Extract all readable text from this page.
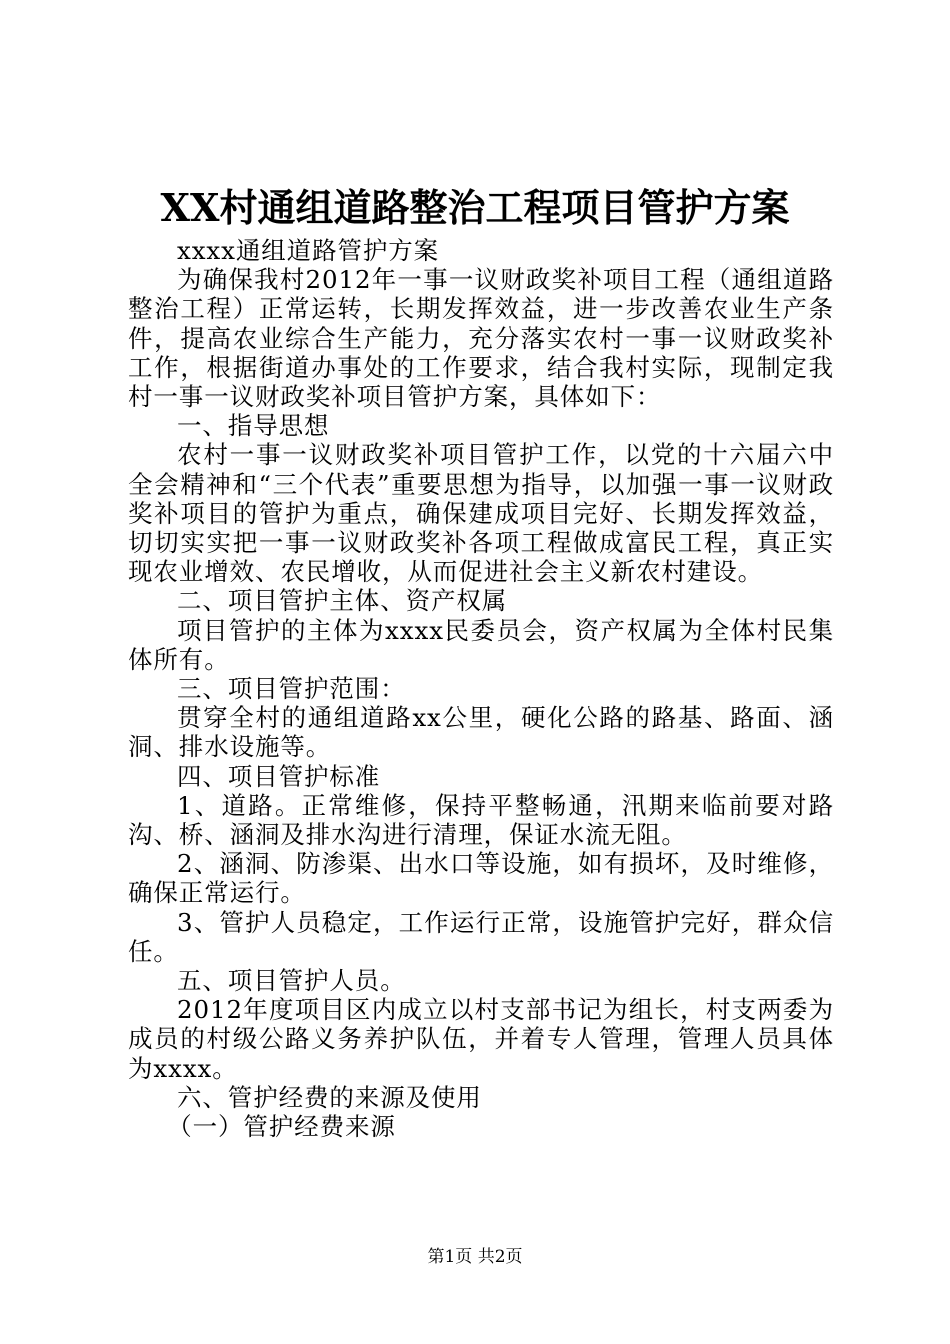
XX村通组道路整治工程项目管护方案

xxxx通组道路管护方案

为确保我村2012年一事一议财政奖补项目工程（通组道路整治工程）正常运转，长期发挥效益，进一步改善农业生产条件，提高农业综合生产能力，充分落实农村一事一议财政奖补工作，根据街道办事处的工作要求，结合我村实际，现制定我村一事一议财政奖补项目管护方案，具体如下：

一、指导思想

农村一事一议财政奖补项目管护工作，以党的十六届六中全会精神和“三个代表”重要思想为指导，以加强一事一议财政奖补项目的管护为重点，确保建成项目完好、长期发挥效益，切切实实把一事一议财政奖补各项工程做成富民工程，真正实现农业增效、农民增收，从而促进社会主义新农村建设。

二、项目管护主体、资产权属

项目管护的主体为xxxx民委员会，资产权属为全体村民集体所有。

三、项目管护范围：

贯穿全村的通组道路xx公里，硬化公路的路基、路面、涵洞、排水设施等。

四、项目管护标准

1、道路。正常维修，保持平整畅通，汛期来临前要对路沟、桥、涵洞及排水沟进行清理，保证水流无阻。

2、涵洞、防渗渠、出水口等设施，如有损坏，及时维修，确保正常运行。

3、管护人员稳定，工作运行正常，设施管护完好，群众信任。

五、项目管护人员。

2012年度项目区内成立以村支部书记为组长，村支两委为成员的村级公路义务养护队伍，并着专人管理，管理人员具体为xxxx。

六、管护经费的来源及使用

（一）管护经费来源

第1页 共2页
